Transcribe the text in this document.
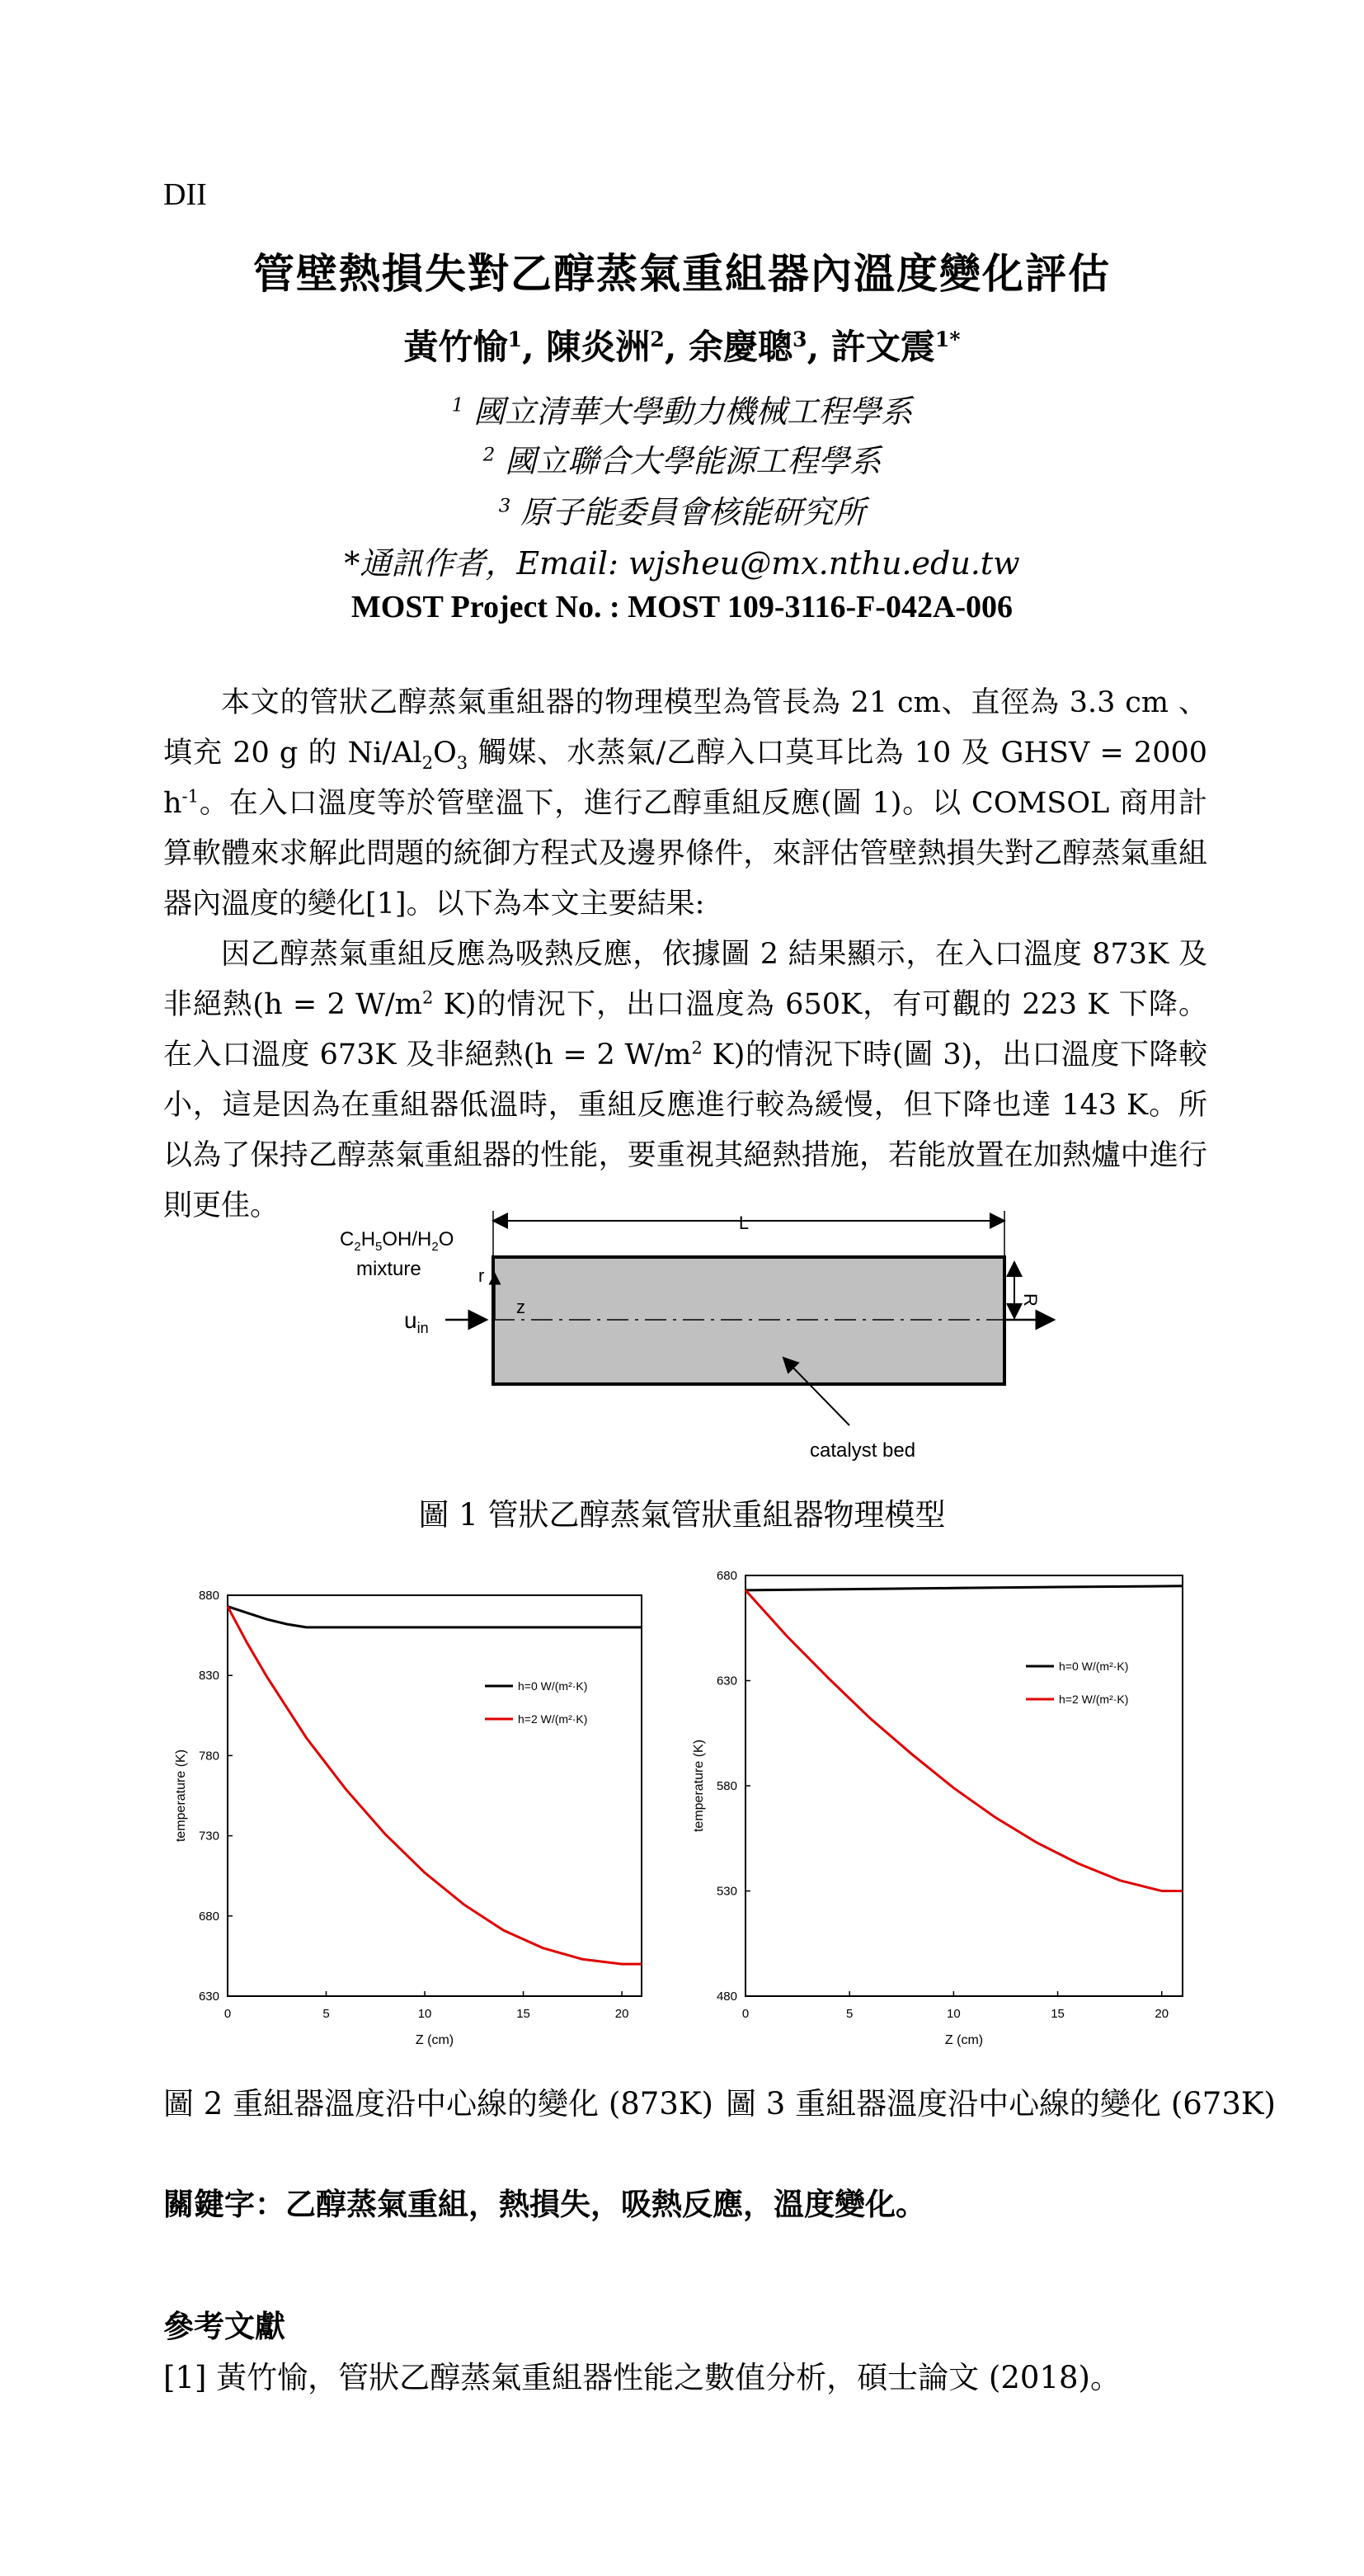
DII
管壁熱損失對乙醇蒸氣重組器內溫度變化評估
黃竹愉$^1$, 陳炎洲$^2$, 余慶聰$^3$, 許文震$^{1*}$
$^1$ 國立清華大學動力機械工程學系
$^2$ 國立聯合大學能源工程學系
$^3$ 原子能委員會核能研究所
*通訊作者，Email: wjsheu@mx.nthu.edu.tw
MOST Project No. : MOST 109-3116-F-042A-006
本文的管狀乙醇蒸氣重組器的物理模型為管長為 21 cm、直徑為 3.3 cm 、填充 20 g 的 $Ni/Al_2O_3$ 觸媒、水蒸氣/乙醇入口莫耳比為 10 及 GHSV = 2000 $h^{-1}$。在入口溫度等於管壁溫下，進行乙醇重組反應(圖 1)。以 COMSOL 商用計算軟體來求解此問題的統御方程式及邊界條件，來評估管壁熱損失對乙醇蒸氣重組器內溫度的變化[1]。以下為本文主要結果:
因乙醇蒸氣重組反應為吸熱反應，依據圖 2 結果顯示，在入口溫度 873K 及非絕熱(h = 2 $W/m^2$ K)的情況下，出口溫度為 650K，有可觀的 223 K 下降。在入口溫度 673K 及非絕熱(h = 2 $W/m^2$ K)的情況下時(圖 3)，出口溫度下降較小，這是因為在重組器低溫時，重組反應進行較為緩慢，但下降也達 143 K。所以為了保持乙醇蒸氣重組器的性能，要重視其絕熱措施，若能放置在加熱爐中進行則更佳。
L
R
r
z
$C_2H_5OH/H_2O$
mixture
$u_{in}$
catalyst bed
圖 1 管狀乙醇蒸氣管狀重組器物理模型
630
680
730
780
830
880
0	5	10	15	20
Z (cm)
temperature (K)
h=0 W/(m²·K)
h=2 W/(m²·K)
480
530
580
630
680
0	5	10	15	20
Z (cm)
temperature (K)
h=0 W/(m²·K)
h=2 W/(m²·K)
圖 2 重組器溫度沿中心線的變化 (873K) 圖 3 重組器溫度沿中心線的變化 (673K)
關鍵字：乙醇蒸氣重組，熱損失，吸熱反應，溫度變化。
參考文獻
[1] 黃竹愉，管狀乙醇蒸氣重組器性能之數值分析，碩士論文 (2018)。
